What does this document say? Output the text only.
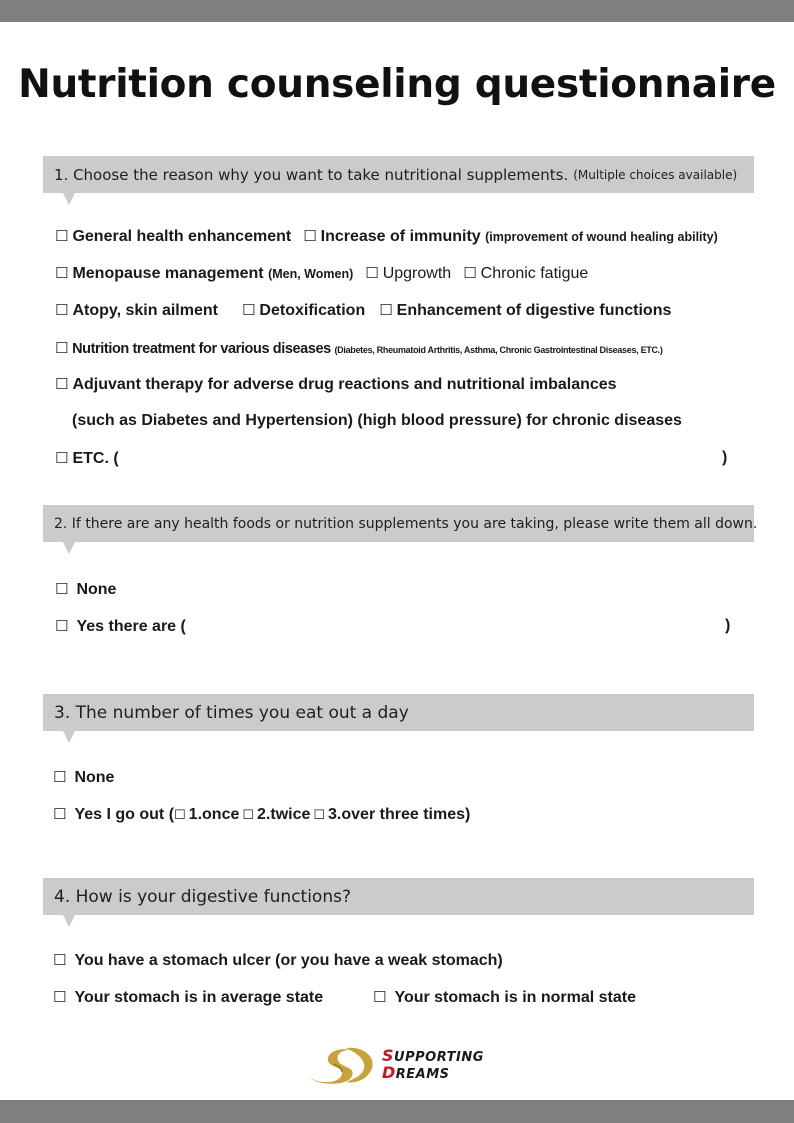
Nutrition counseling questionnaire
1. Choose the reason why you want to take nutritional supplements. (Multiple choices available)
☐ General health enhancement ☐ Increase of immunity (improvement of wound healing ability)
☐ Menopause management (Men, Women) ☐ Upgrowth ☐ Chronic fatigue
☐ Atopy, skin ailment ☐ Detoxification ☐ Enhancement of digestive functions
☐ Nutrition treatment for various diseases (Diabetes, Rheumatoid Arthritis, Asthma, Chronic Gastrointestinal Diseases, ETC.)
☐ Adjuvant therapy for adverse drug reactions and nutritional imbalances
(such as Diabetes and Hypertension) (high blood pressure) for chronic diseases
☐ ETC. (	)
2. If there are any health foods or nutrition supplements you are taking, please write them all down.
☐ None
☐ Yes there are (	)
3. The number of times you eat out a day
☐ None
☐ Yes I go out (☐ 1.once ☐ 2.twice ☐ 3.over three times)
4. How is your digestive functions?
☐ You have a stomach ulcer (or you have a weak stomach)
☐ Your stomach is in average state	☐ Your stomach is in normal state
SUPPORTING
DREAMS
